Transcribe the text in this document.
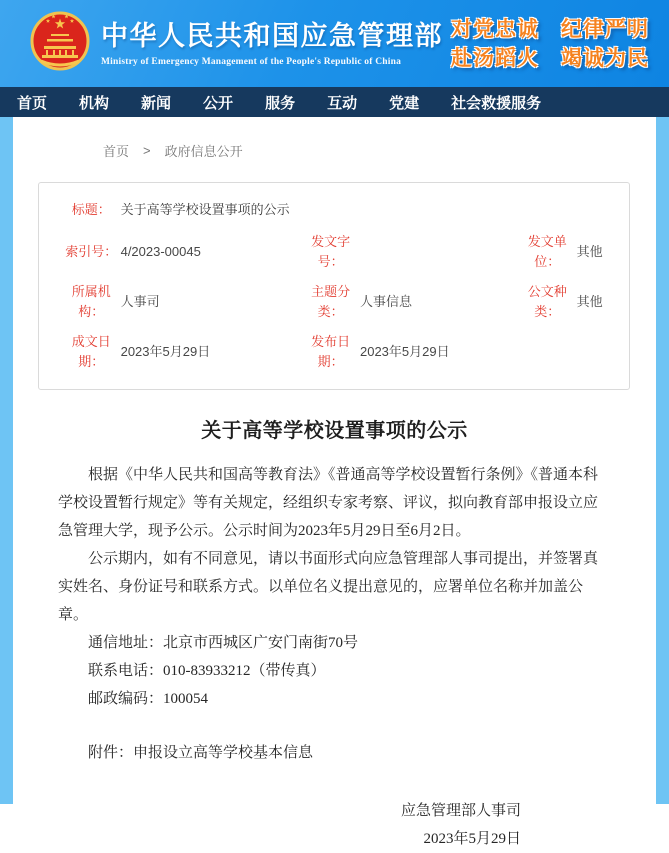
中华人民共和国应急管理部
Ministry of Emergency Management of the People's Republic of China
对党忠诚　纪律严明
赴汤蹈火　竭诚为民
首页 机构 新闻 公开 服务 互动 党建 社会救援服务
首页 > 政府信息公开
标题： 关于高等学校设置事项的公示
索引号： 4/2023-00045
发文字号：
发文单位：
其他
所属机构：
人事司
主题分类：
人事信息
公文种类：
其他
成文日期：
2023年5月29日
发布日期：
2023年5月29日
关于高等学校设置事项的公示

根据《中华人民共和国高等教育法》《普通高等学校设置暂行条例》《普通本科学校设置暂行规定》等有关规定，经组织专家考察、评议，拟向教育部申报设立应急管理大学，现予公示。公示时间为2023年5月29日至6月2日。

公示期内，如有不同意见，请以书面形式向应急管理部人事司提出，并签署真实姓名、身份证号和联系方式。以单位名义提出意见的，应署单位名称并加盖公章。

通信地址：北京市西城区广安门南街70号

联系电话：010-83933212（带传真）

邮政编码：100054

附件：申报设立高等学校基本信息

应急管理部人事司
2023年5月29日
